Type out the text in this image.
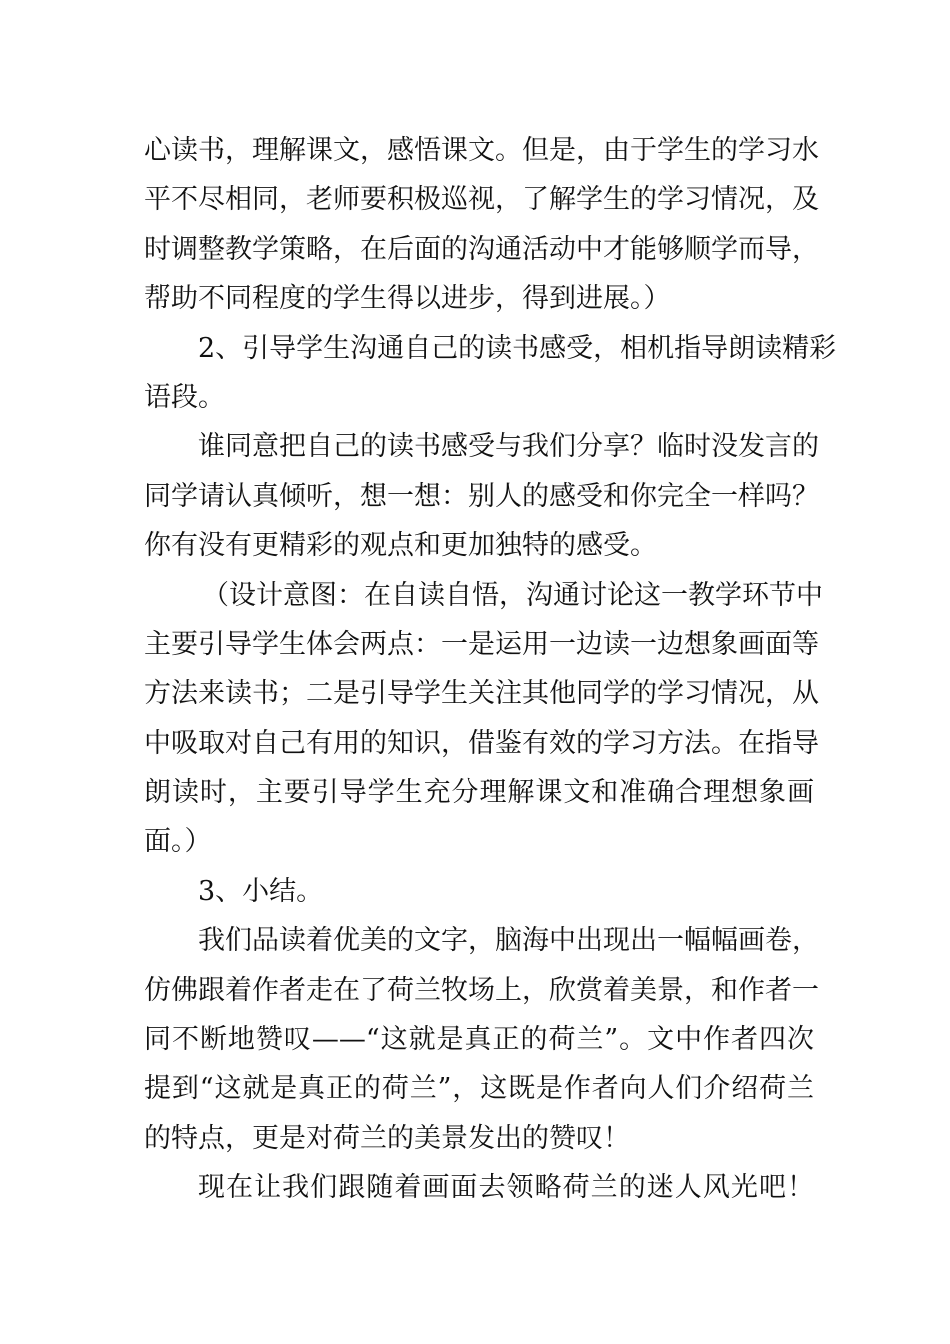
心读书，理解课文，感悟课文。但是，由于学生的学习水
平不尽相同，老师要积极巡视，了解学生的学习情况，及
时调整教学策略，在后面的沟通活动中才能够顺学而导，
帮助不同程度的学生得以进步，得到进展。）
2、引导学生沟通自己的读书感受，相机指导朗读精彩
语段。
谁同意把自己的读书感受与我们分享？临时没发言的
同学请认真倾听，想一想：别人的感受和你完全一样吗？
你有没有更精彩的观点和更加独特的感受。
（设计意图：在自读自悟，沟通讨论这一教学环节中
主要引导学生体会两点：一是运用一边读一边想象画面等
方法来读书；二是引导学生关注其他同学的学习情况，从
中吸取对自己有用的知识，借鉴有效的学习方法。在指导
朗读时，主要引导学生充分理解课文和准确合理想象画
面。）
3、小结。
我们品读着优美的文字，脑海中出现出一幅幅画卷，
仿佛跟着作者走在了荷兰牧场上，欣赏着美景，和作者一
同不断地赞叹——“这就是真正的荷兰”。文中作者四次
提到“这就是真正的荷兰”，这既是作者向人们介绍荷兰
的特点，更是对荷兰的美景发出的赞叹！
现在让我们跟随着画面去领略荷兰的迷人风光吧！
